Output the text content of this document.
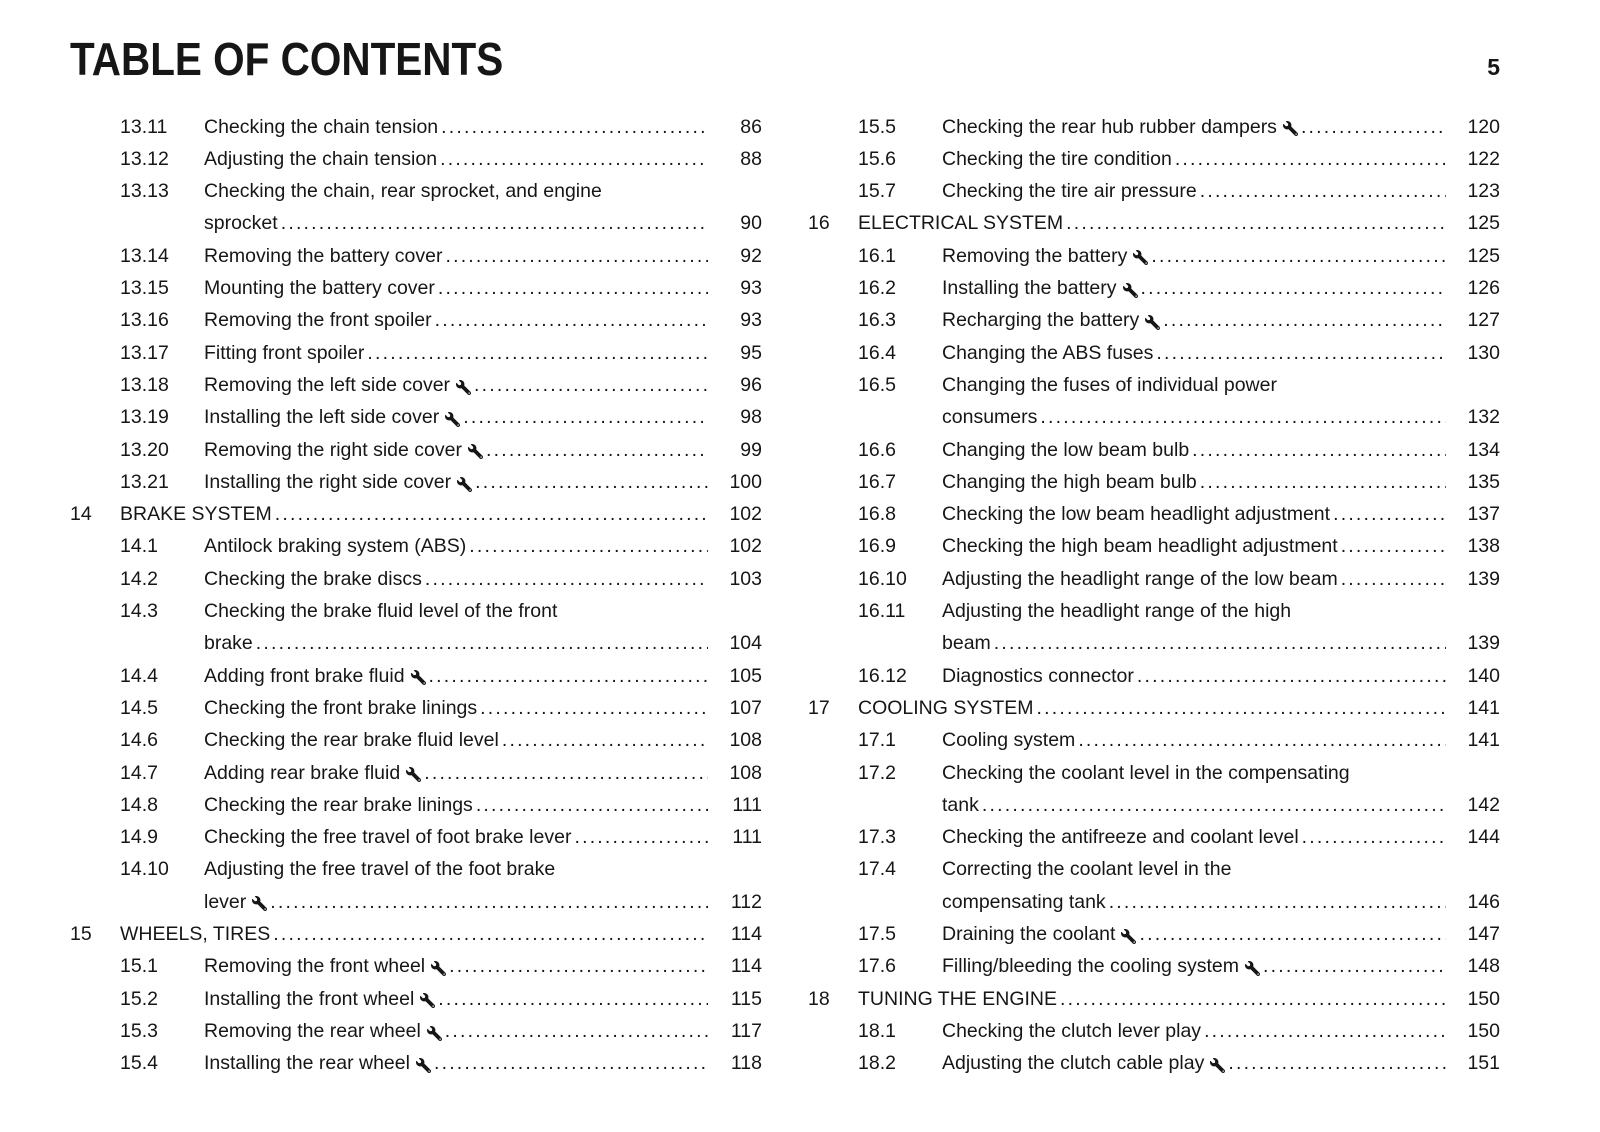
TABLE OF CONTENTS	5
13.11	Checking the chain tension .....	86
13.12	Adjusting the chain tension .....	88
13.13	Checking the chain, rear sprocket, and engine
sprocket .....	90
13.14	Removing the battery cover .....	92
13.15	Mounting the battery cover .....	93
13.16	Removing the front spoiler .....	93
13.17	Fitting front spoiler .....	95
13.18	Removing the left side cover .....	96
13.19	Installing the left side cover .....	98
13.20	Removing the right side cover .....	99
13.21	Installing the right side cover .....	100
14	BRAKE SYSTEM .....	102
14.1	Antilock braking system (ABS) .....	102
14.2	Checking the brake discs .....	103
14.3	Checking the brake fluid level of the front
brake .....	104
14.4	Adding front brake fluid .....	105
14.5	Checking the front brake linings .....	107
14.6	Checking the rear brake fluid level .....	108
14.7	Adding rear brake fluid .....	108
14.8	Checking the rear brake linings .....	111
14.9	Checking the free travel of foot brake lever .....	111
14.10	Adjusting the free travel of the foot brake
lever .....	112
15	WHEELS, TIRES .....	114
15.1	Removing the front wheel .....	114
15.2	Installing the front wheel .....	115
15.3	Removing the rear wheel .....	117
15.4	Installing the rear wheel .....	118
15.5	Checking the rear hub rubber dampers .....	120
15.6	Checking the tire condition .....	122
15.7	Checking the tire air pressure .....	123
16	ELECTRICAL SYSTEM .....	125
16.1	Removing the battery .....	125
16.2	Installing the battery .....	126
16.3	Recharging the battery .....	127
16.4	Changing the ABS fuses .....	130
16.5	Changing the fuses of individual power
consumers .....	132
16.6	Changing the low beam bulb .....	134
16.7	Changing the high beam bulb .....	135
16.8	Checking the low beam headlight adjustment .....	137
16.9	Checking the high beam headlight adjustment .....	138
16.10	Adjusting the headlight range of the low beam .....	139
16.11	Adjusting the headlight range of the high
beam .....	139
16.12	Diagnostics connector .....	140
17	COOLING SYSTEM .....	141
17.1	Cooling system .....	141
17.2	Checking the coolant level in the compensating
tank .....	142
17.3	Checking the antifreeze and coolant level .....	144
17.4	Correcting the coolant level in the
compensating tank .....	146
17.5	Draining the coolant .....	147
17.6	Filling/bleeding the cooling system .....	148
18	TUNING THE ENGINE .....	150
18.1	Checking the clutch lever play .....	150
18.2	Adjusting the clutch cable play .....	151
